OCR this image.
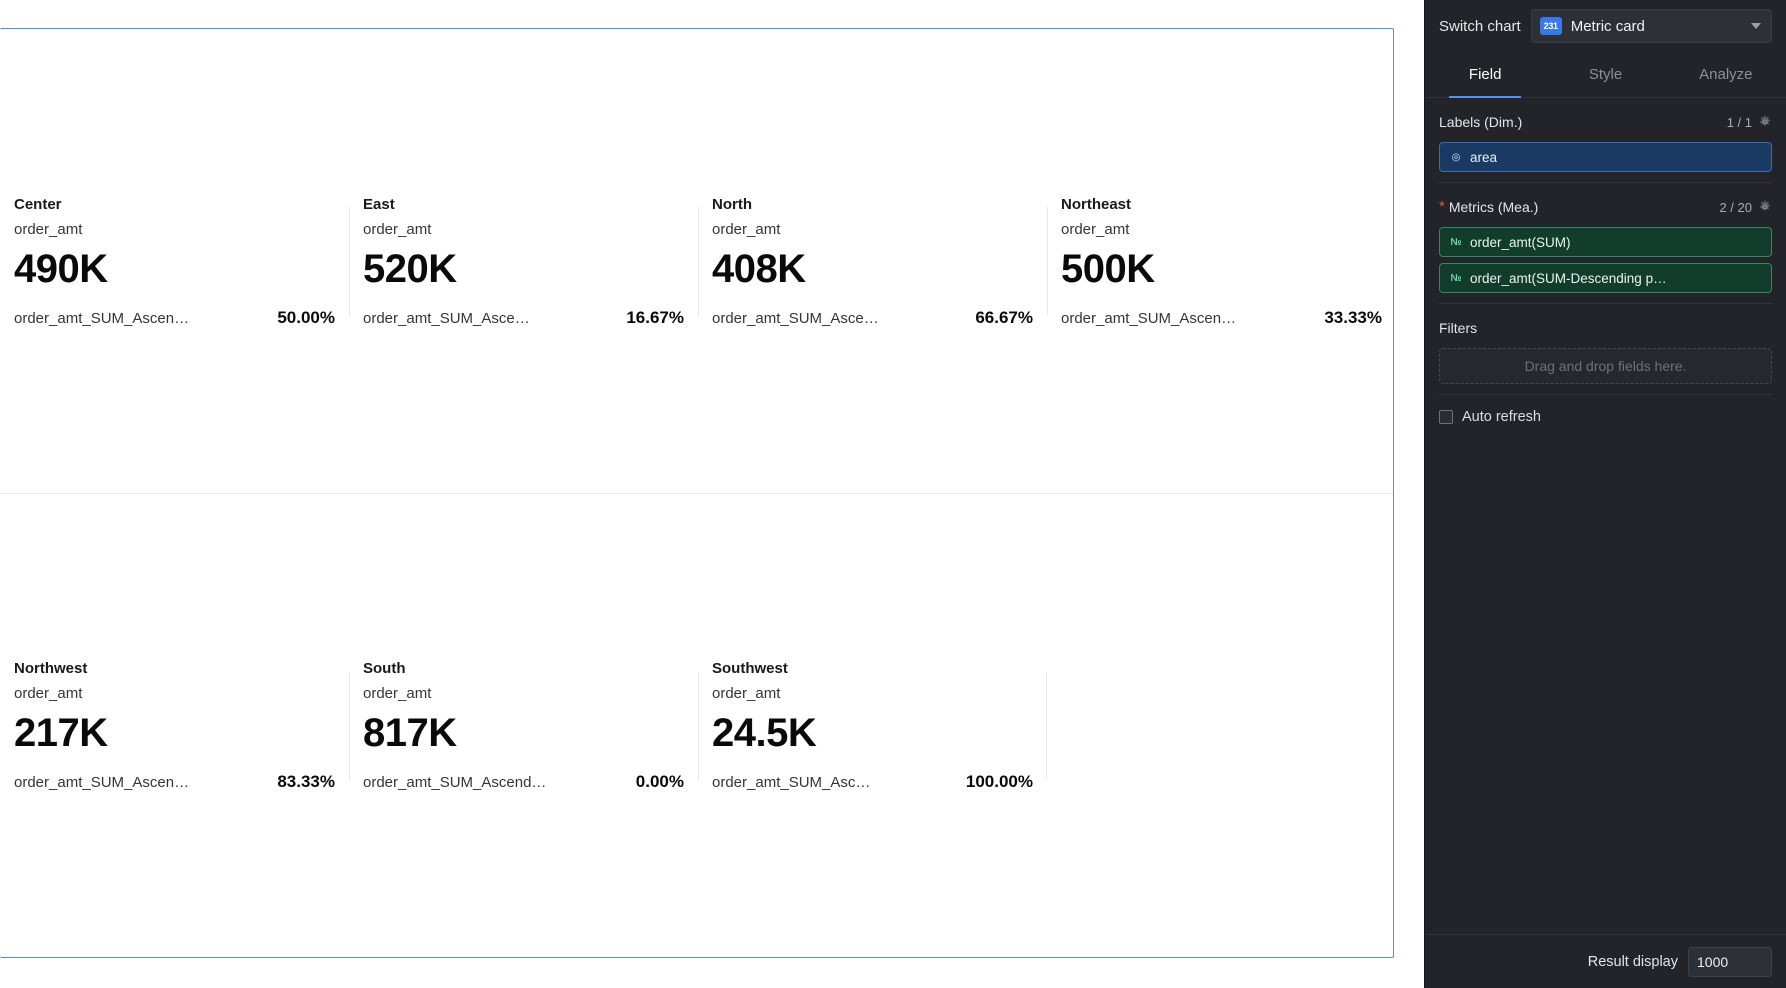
Center
order_amt
490K
order_amt_SUM_Ascen…	50.00%
East
order_amt
520K
order_amt_SUM_Asce…	16.67%
North
order_amt
408K
order_amt_SUM_Asce…	66.67%
Northeast
order_amt
500K
order_amt_SUM_Ascen…	33.33%
Northwest
order_amt
217K
order_amt_SUM_Ascen…	83.33%
South
order_amt
817K
order_amt_SUM_Ascend…	0.00%
Southwest
order_amt
24.5K
order_amt_SUM_Asc…	100.00%
Switch chart	231 Metric card
Field	Style	Analyze
Labels (Dim.)	1 / 1
◎ area
* Metrics (Mea.)	2 / 20
№ order_amt(SUM)
№ order_amt(SUM-Descending p…
Filters
Drag and drop fields here.
Auto refresh
Result display
1000
